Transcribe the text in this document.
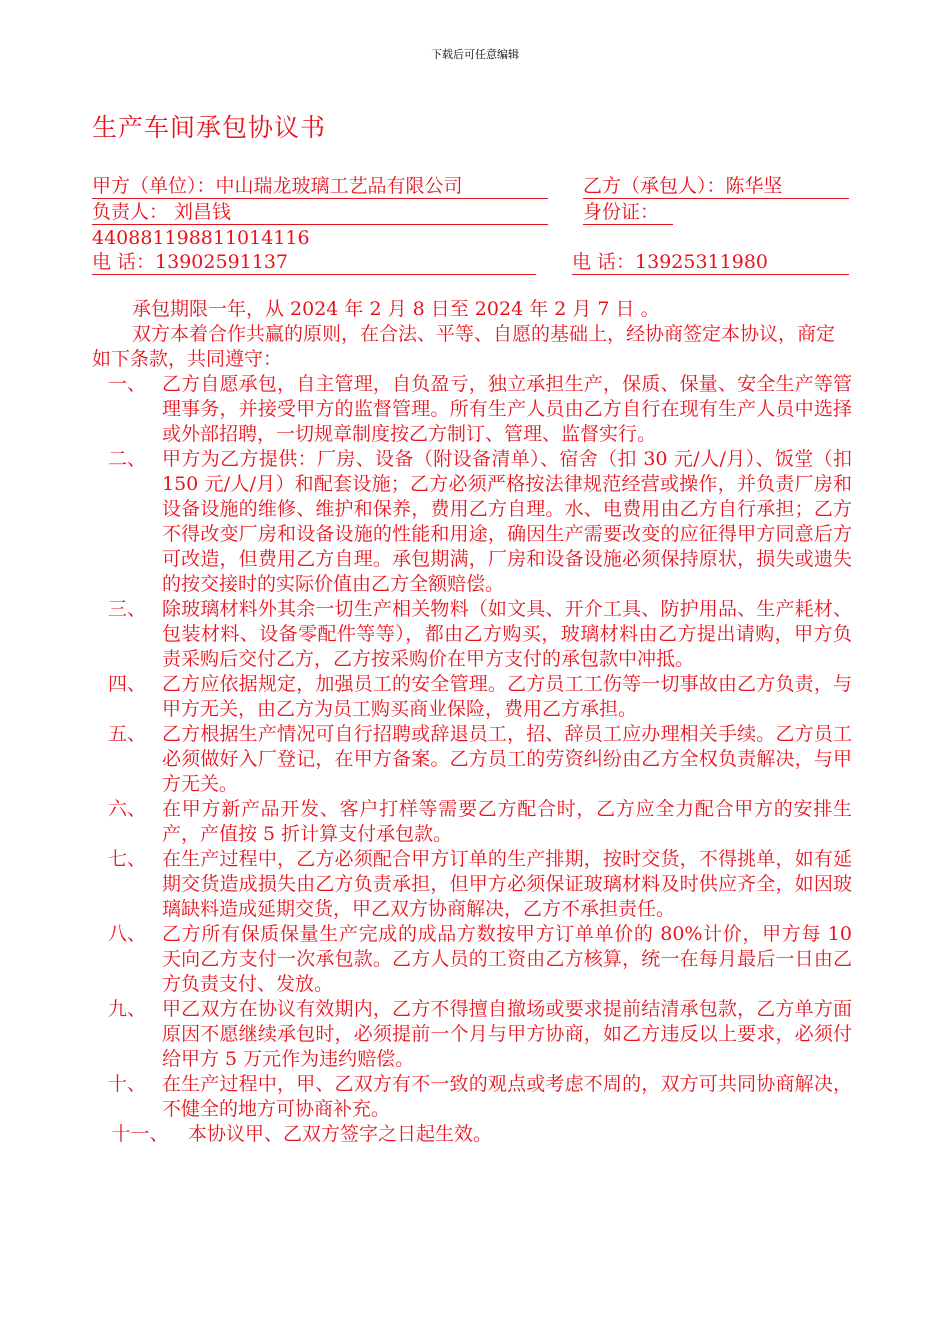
下载后可任意编辑
生产车间承包协议书
甲方（单位）：中山瑞龙玻璃工艺品有限公司
负责人： 刘昌钱
乙方（承包人）：陈华坚
身份证：
440881198811014116
电 话：13902591137	电 话：13925311980

承包期限一年，从 2024 年 2 月 8 日至 2024 年 2 月 7 日 。

双方本着合作共赢的原则，在合法、平等、自愿的基础上，经协商签定本协议，商定如下条款，共同遵守：

一、 乙方自愿承包，自主管理，自负盈亏，独立承担生产，保质、保量、安全生产等管理事务，并接受甲方的监督管理。所有生产人员由乙方自行在现有生产人员中选择或外部招聘，一切规章制度按乙方制订、管理、监督实行。
二、 甲方为乙方提供：厂房、设备（附设备清单）、宿舍（扣 30 元/人/月）、饭堂（扣 150 元/人/月）和配套设施；乙方必须严格按法律规范经营或操作，并负责厂房和设备设施的维修、维护和保养，费用乙方自理。水、电费用由乙方自行承担；乙方不得改变厂房和设备设施的性能和用途，确因生产需要改变的应征得甲方同意后方可改造，但费用乙方自理。承包期满，厂房和设备设施必须保持原状，损失或遗失的按交接时的实际价值由乙方全额赔偿。
三、 除玻璃材料外其余一切生产相关物料（如文具、开介工具、防护用品、生产耗材、包装材料、设备零配件等等），都由乙方购买，玻璃材料由乙方提出请购，甲方负责采购后交付乙方，乙方按采购价在甲方支付的承包款中冲抵。
四、 乙方应依据规定，加强员工的安全管理。乙方员工工伤等一切事故由乙方负责，与甲方无关，由乙方为员工购买商业保险，费用乙方承担。
五、 乙方根据生产情况可自行招聘或辞退员工，招、辞员工应办理相关手续。乙方员工必须做好入厂登记，在甲方备案。乙方员工的劳资纠纷由乙方全权负责解决，与甲方无关。
六、 在甲方新产品开发、客户打样等需要乙方配合时，乙方应全力配合甲方的安排生产，产值按 5 折计算支付承包款。
七、 在生产过程中，乙方必须配合甲方订单的生产排期，按时交货，不得挑单，如有延期交货造成损失由乙方负责承担，但甲方必须保证玻璃材料及时供应齐全，如因玻璃缺料造成延期交货，甲乙双方协商解决，乙方不承担责任。
八、 乙方所有保质保量生产完成的成品方数按甲方订单单价的 80%计价，甲方每 10 天向乙方支付一次承包款。乙方人员的工资由乙方核算，统一在每月最后一日由乙方负责支付、发放。
九、 甲乙双方在协议有效期内，乙方不得擅自撤场或要求提前结清承包款，乙方单方面原因不愿继续承包时，必须提前一个月与甲方协商，如乙方违反以上要求，必须付给甲方 5 万元作为违约赔偿。
十、 在生产过程中，甲、乙双方有不一致的观点或考虑不周的，双方可共同协商解决，不健全的地方可协商补充。
十一、	本协议甲、乙双方签字之日起生效。
